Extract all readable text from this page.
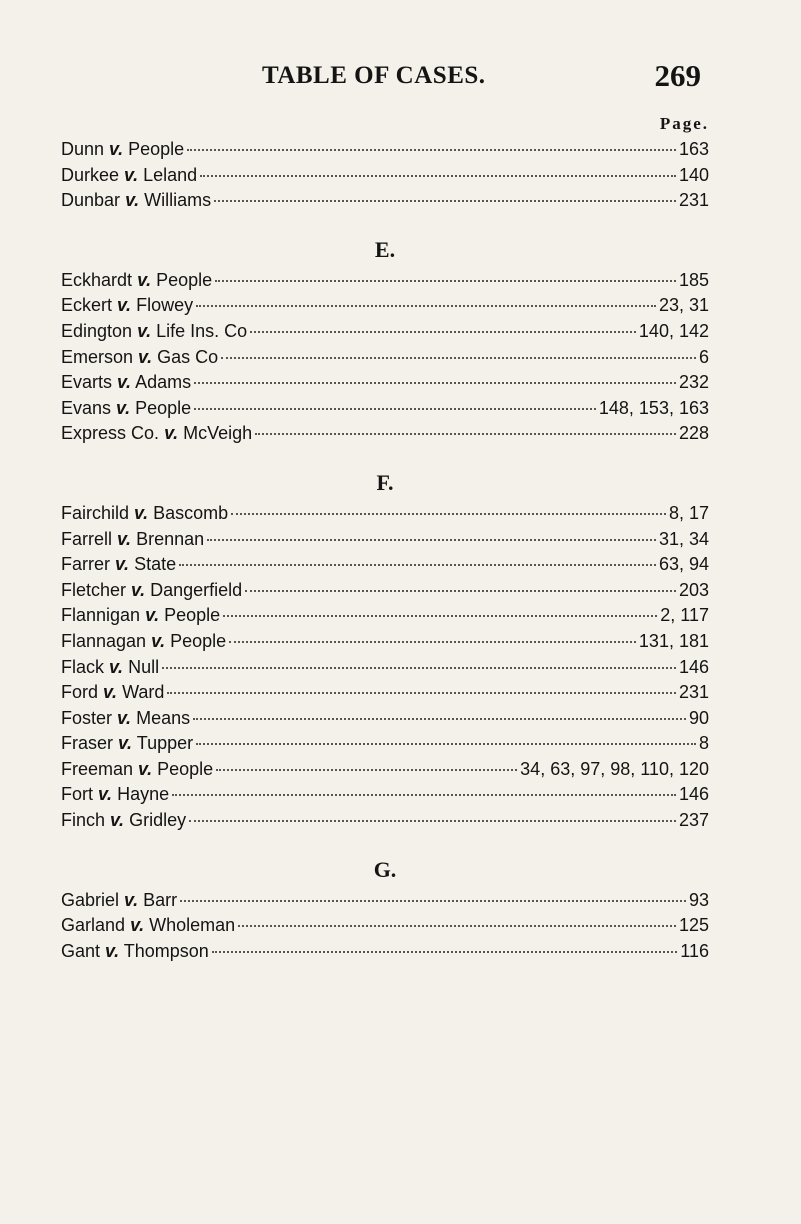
TABLE OF CASES.	269
Page.
Dunn v. People	163
Durkee v. Leland	140
Dunbar v. Williams	231
E.
Eckhardt v. People	185
Eckert v. Flowey	23, 31
Edington v. Life Ins. Co	140, 142
Emerson v. Gas Co	6
Evarts v. Adams	232
Evans v. People	148, 153, 163
Express Co. v. McVeigh	228
F.
Fairchild v. Bascomb	8, 17
Farrell v. Brennan	31, 34
Farrer v. State	63, 94
Fletcher v. Dangerfield	203
Flannigan v. People	2, 117
Flannagan v. People	131, 181
Flack v. Null	146
Ford v. Ward	231
Foster v. Means	90
Fraser v. Tupper	8
Freeman v. People	34, 63, 97, 98, 110, 120
Fort v. Hayne	146
Finch v. Gridley	237
G.
Gabriel v. Barr	93
Garland v. Wholeman	125
Gant v. Thompson	116
